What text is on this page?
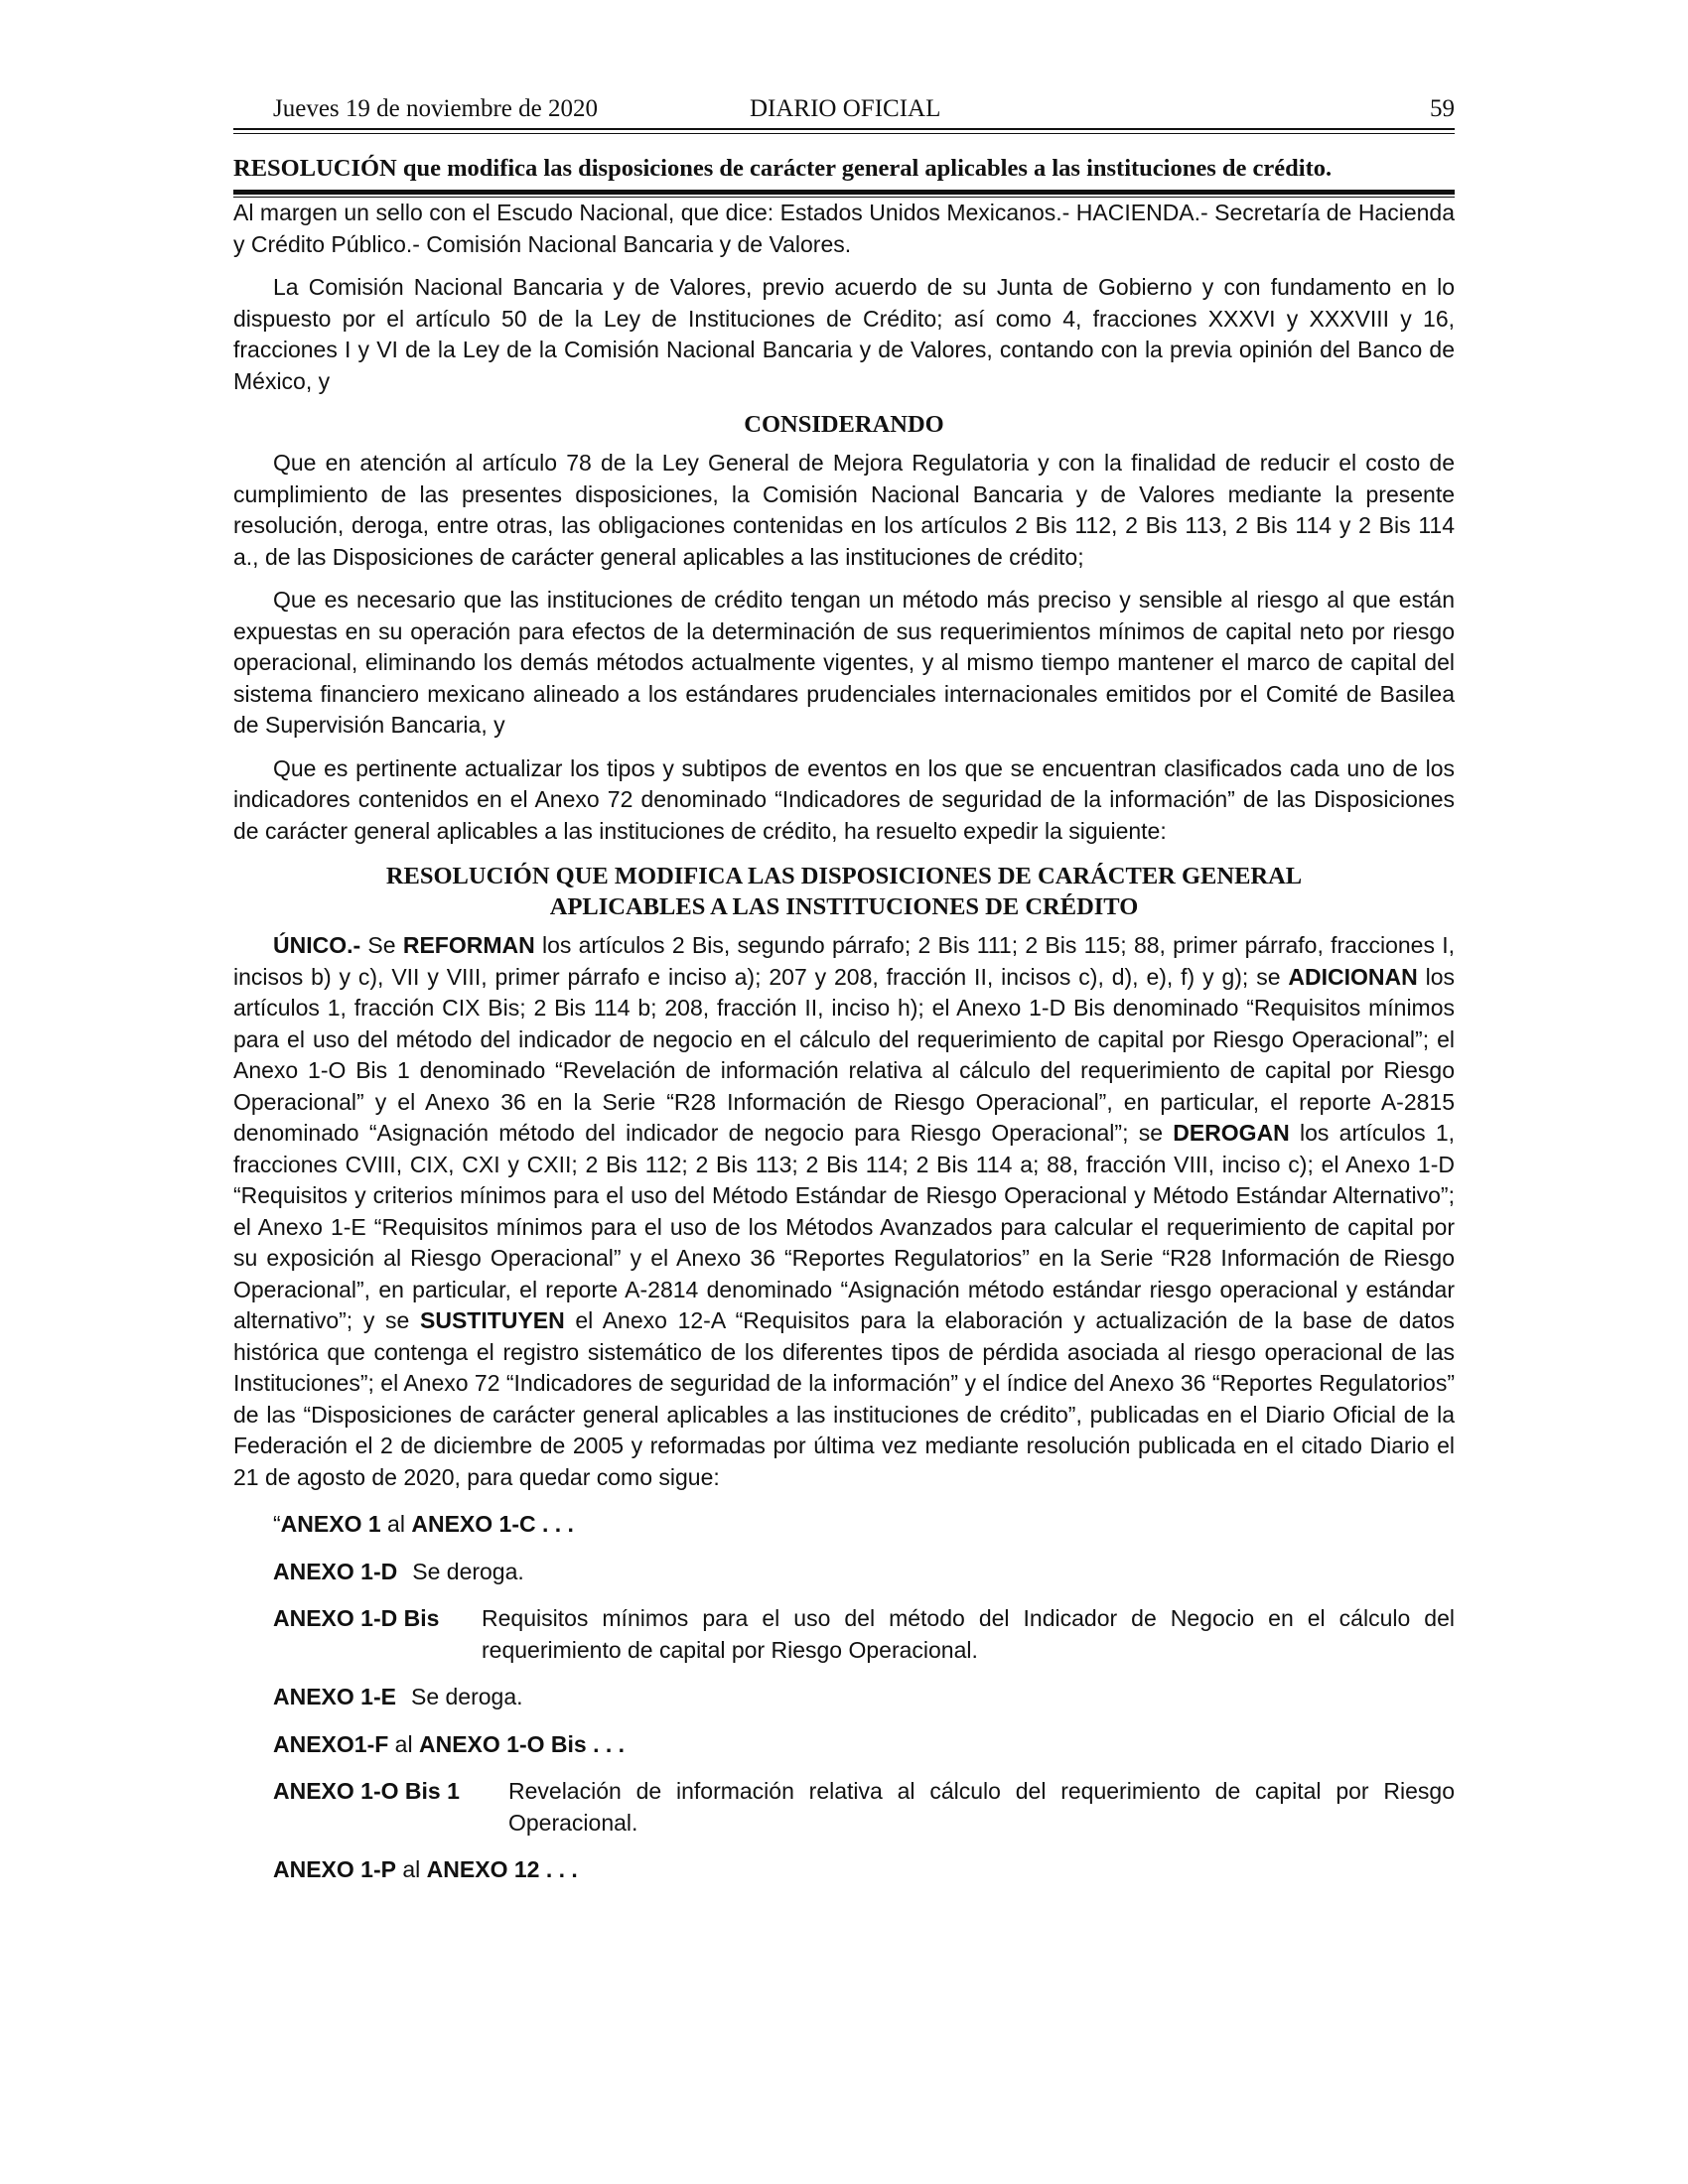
Jueves 19 de noviembre de 2020	DIARIO OFICIAL	59
RESOLUCIÓN que modifica las disposiciones de carácter general aplicables a las instituciones de crédito.

Al margen un sello con el Escudo Nacional, que dice: Estados Unidos Mexicanos.- HACIENDA.- Secretaría de Hacienda y Crédito Público.- Comisión Nacional Bancaria y de Valores.

La Comisión Nacional Bancaria y de Valores, previo acuerdo de su Junta de Gobierno y con fundamento en lo dispuesto por el artículo 50 de la Ley de Instituciones de Crédito; así como 4, fracciones XXXVI y XXXVIII y 16, fracciones I y VI de la Ley de la Comisión Nacional Bancaria y de Valores, contando con la previa opinión del Banco de México, y

CONSIDERANDO

Que en atención al artículo 78 de la Ley General de Mejora Regulatoria y con la finalidad de reducir el costo de cumplimiento de las presentes disposiciones, la Comisión Nacional Bancaria y de Valores mediante la presente resolución, deroga, entre otras, las obligaciones contenidas en los artículos 2 Bis 112, 2 Bis 113, 2 Bis 114 y 2 Bis 114 a., de las Disposiciones de carácter general aplicables a las instituciones de crédito;

Que es necesario que las instituciones de crédito tengan un método más preciso y sensible al riesgo al que están expuestas en su operación para efectos de la determinación de sus requerimientos mínimos de capital neto por riesgo operacional, eliminando los demás métodos actualmente vigentes, y al mismo tiempo mantener el marco de capital del sistema financiero mexicano alineado a los estándares prudenciales internacionales emitidos por el Comité de Basilea de Supervisión Bancaria, y

Que es pertinente actualizar los tipos y subtipos de eventos en los que se encuentran clasificados cada uno de los indicadores contenidos en el Anexo 72 denominado “Indicadores de seguridad de la información” de las Disposiciones de carácter general aplicables a las instituciones de crédito, ha resuelto expedir la siguiente:

RESOLUCIÓN QUE MODIFICA LAS DISPOSICIONES DE CARÁCTER GENERAL
APLICABLES A LAS INSTITUCIONES DE CRÉDITO

ÚNICO.- Se REFORMAN los artículos 2 Bis, segundo párrafo; 2 Bis 111; 2 Bis 115; 88, primer párrafo, fracciones I, incisos b) y c), VII y VIII, primer párrafo e inciso a); 207 y 208, fracción II, incisos c), d), e), f) y g); se ADICIONAN los artículos 1, fracción CIX Bis; 2 Bis 114 b; 208, fracción II, inciso h); el Anexo 1-D Bis denominado “Requisitos mínimos para el uso del método del indicador de negocio en el cálculo del requerimiento de capital por Riesgo Operacional”; el Anexo 1-O Bis 1 denominado “Revelación de información relativa al cálculo del requerimiento de capital por Riesgo Operacional” y el Anexo 36 en la Serie “R28 Información de Riesgo Operacional”, en particular, el reporte A-2815 denominado “Asignación método del indicador de negocio para Riesgo Operacional”; se DEROGAN los artículos 1, fracciones CVIII, CIX, CXI y CXII; 2 Bis 112; 2 Bis 113; 2 Bis 114; 2 Bis 114 a; 88, fracción VIII, inciso c); el Anexo 1-D “Requisitos y criterios mínimos para el uso del Método Estándar de Riesgo Operacional y Método Estándar Alternativo”; el Anexo 1-E “Requisitos mínimos para el uso de los Métodos Avanzados para calcular el requerimiento de capital por su exposición al Riesgo Operacional” y el Anexo 36 “Reportes Regulatorios” en la Serie “R28 Información de Riesgo Operacional”, en particular, el reporte A-2814 denominado “Asignación método estándar riesgo operacional y estándar alternativo”; y se SUSTITUYEN el Anexo 12-A “Requisitos para la elaboración y actualización de la base de datos histórica que contenga el registro sistemático de los diferentes tipos de pérdida asociada al riesgo operacional de las Instituciones”; el Anexo 72 “Indicadores de seguridad de la información” y el índice del Anexo 36 “Reportes Regulatorios” de las “Disposiciones de carácter general aplicables a las instituciones de crédito”, publicadas en el Diario Oficial de la Federación el 2 de diciembre de 2005 y reformadas por última vez mediante resolución publicada en el citado Diario el 21 de agosto de 2020, para quedar como sigue:

“ANEXO 1 al ANEXO 1-C . . .
ANEXO 1-D Se deroga.
ANEXO 1-D Bis	Requisitos mínimos para el uso del método del Indicador de Negocio en el cálculo del requerimiento de capital por Riesgo Operacional.
ANEXO 1-E Se deroga.
ANEXO1-F al ANEXO 1-O Bis . . .
ANEXO 1-O Bis 1	Revelación de información relativa al cálculo del requerimiento de capital por Riesgo Operacional.
ANEXO 1-P al ANEXO 12 . . .
